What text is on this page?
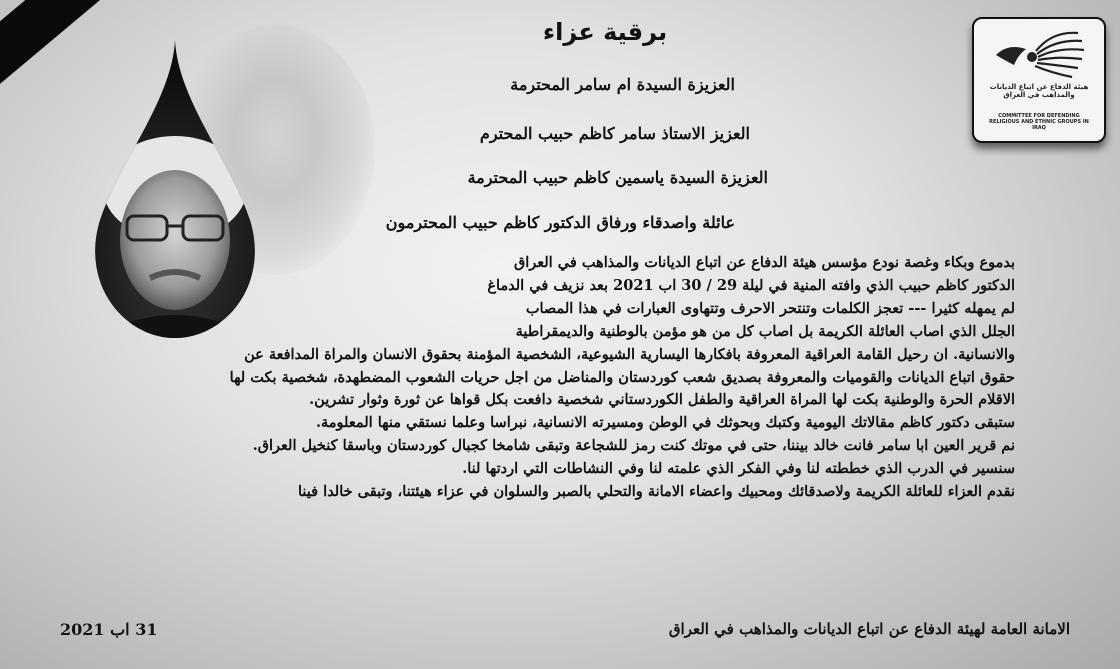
برقية عزاء
العزيزة السيدة ام سامر المحترمة
العزيز الاستاذ سامر كاظم حبيب المحترم
العزيزة السيدة ياسمين كاظم حبيب المحترمة
عائلة واصدقاء ورفاق الدكتور كاظم حبيب المحترمون
هيئة الدفاع عن اتباع الديانات والمذاهب في العراق
COMMITTEE FOR DEFENDING RELIGIOUS AND ETHNIC GROUPS IN IRAQ
بدموع وبكاء وغصة نودع مؤسس هيئة الدفاع عن اتباع الديانات والمذاهب في العراق
الدكتور كاظم حبيب الذي وافته المنية في ليلة 29 / 30 اب 2021 بعد نزيف في الدماغ
لم يمهله كثيرا --- تعجز الكلمات وتنتحر الاحرف وتتهاوى العبارات في هذا المصاب
الجلل الذي اصاب العائلة الكريمة بل اصاب كل من هو مؤمن بالوطنية والديمقراطية
والانسانية. ان رحيل القامة العراقية المعروفة بافكارها اليسارية الشيوعية، الشخصية المؤمنة بحقوق الانسان والمراة المدافعة عن
حقوق اتباع الديانات والقوميات والمعروفة بصديق شعب كوردستان والمناضل من اجل حريات الشعوب المضطهدة، شخصية بكت لها
الاقلام الحرة والوطنية بكت لها المراة العراقية والطفل الكوردستاني شخصية دافعت بكل قواها عن ثورة وثوار تشرين.
ستبقى دكتور كاظم مقالاتك اليومية وكتبك وبحوثك في الوطن ومسيرته الانسانية، نبراسا وعلما نستقي منها المعلومة.
نم قرير العين ابا سامر فانت خالد بيننا، حتى في موتك كنت رمز للشجاعة وتبقى شامخا كجبال كوردستان وباسقا كنخيل العراق.
سنسير في الدرب الذي خططته لنا وفي الفكر الذي علمته لنا وفي النشاطات التي اردتها لنا.
نقدم العزاء للعائلة الكريمة ولاصدقائك ومحبيك واعضاء الامانة والتحلي بالصبر والسلوان في عزاء هيئتنا، وتبقى خالدا فينا
الامانة العامة لهيئة الدفاع عن اتباع الديانات والمذاهب في العراق
31 اب 2021
